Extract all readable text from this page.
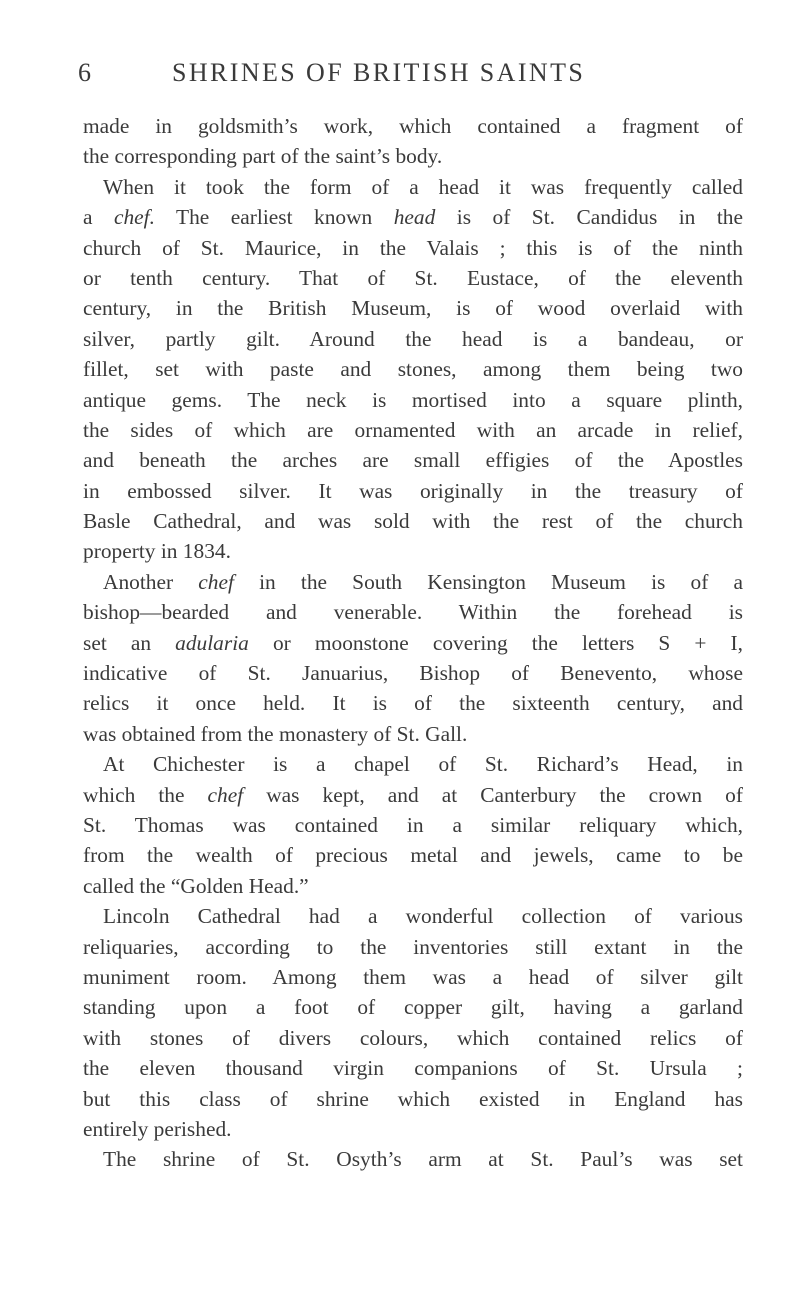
6	SHRINES OF BRITISH SAINTS
made in goldsmith’s work, which contained a fragment of
the corresponding part of the saint’s body.
When it took the form of a head it was frequently called
a chef. The earliest known head is of St. Candidus in the
church of St. Maurice, in the Valais ; this is of the ninth
or tenth century. That of St. Eustace, of the eleventh
century, in the British Museum, is of wood overlaid with
silver, partly gilt. Around the head is a bandeau, or
fillet, set with paste and stones, among them being two
antique gems. The neck is mortised into a square plinth,
the sides of which are ornamented with an arcade in relief,
and beneath the arches are small effigies of the Apostles
in embossed silver. It was originally in the treasury of
Basle Cathedral, and was sold with the rest of the church
property in 1834.
Another chef in the South Kensington Museum is of a
bishop—bearded and venerable. Within the forehead is
set an adularia or moonstone covering the letters S + I,
indicative of St. Januarius, Bishop of Benevento, whose
relics it once held. It is of the sixteenth century, and
was obtained from the monastery of St. Gall.
At Chichester is a chapel of St. Richard’s Head, in
which the chef was kept, and at Canterbury the crown of
St. Thomas was contained in a similar reliquary which,
from the wealth of precious metal and jewels, came to be
called the “Golden Head.”
Lincoln Cathedral had a wonderful collection of various
reliquaries, according to the inventories still extant in the
muniment room. Among them was a head of silver gilt
standing upon a foot of copper gilt, having a garland
with stones of divers colours, which contained relics of
the eleven thousand virgin companions of St. Ursula ;
but this class of shrine which existed in England has
entirely perished.
The shrine of St. Osyth’s arm at St. Paul’s was set
